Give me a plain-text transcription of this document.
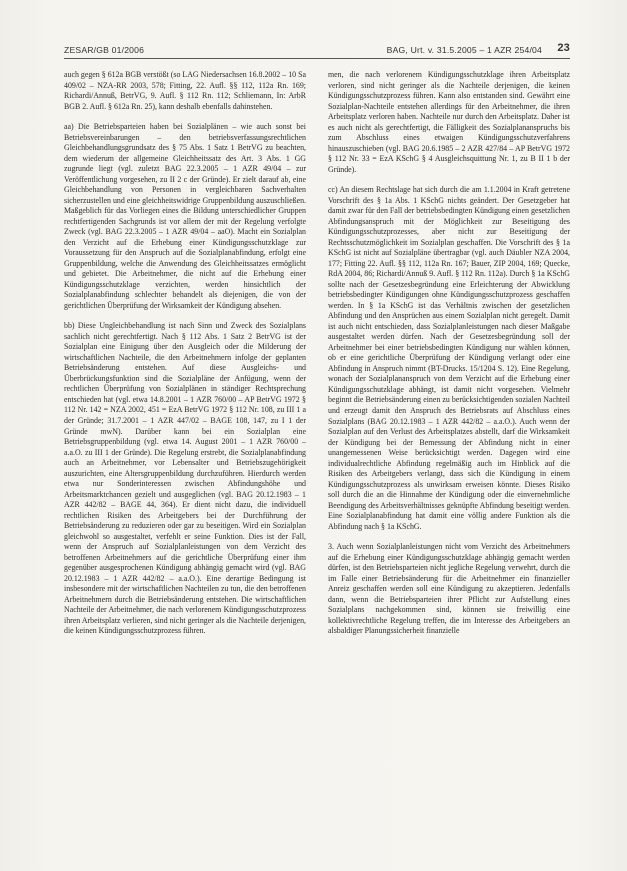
ZESAR/GB 01/2006	BAG, Urt. v. 31.5.2005 – 1 AZR 254/04 23

auch gegen § 612a BGB verstößt (so LAG Niedersachsen 16.8.2002 – 10 Sa 409/02 – NZA-RR 2003, 578; Fitting, 22. Aufl. §§ 112, 112a Rn. 169; Richardi/Annuß, BetrVG, 9. Aufl. § 112 Rn. 112; Schliemann, In: ArbR BGB 2. Aufl. § 612a Rn. 25), kann deshalb ebenfalls dahinstehen.

aa) Die Betriebsparteien haben bei Sozialplänen – wie auch sonst bei Betriebsvereinbarungen – den betriebsverfassungsrechtlichen Gleichbehandlungsgrundsatz des § 75 Abs. 1 Satz 1 BetrVG zu beachten, dem wiederum der allgemeine Gleichheitssatz des Art. 3 Abs. 1 GG zugrunde liegt (vgl. zuletzt BAG 22.3.2005 – 1 AZR 49/04 – zur Veröffentlichung vorgesehen, zu II 2 c der Gründe). Er zielt darauf ab, eine Gleichbehandlung von Personen in vergleichbaren Sachverhalten sicherzustellen und eine gleichheitswidrige Gruppenbildung auszuschließen. Maßgeblich für das Vorliegen eines die Bildung unterschiedlicher Gruppen rechtfertigenden Sachgrunds ist vor allem der mit der Regelung verfolgte Zweck (vgl. BAG 22.3.2005 – 1 AZR 49/04 – aaO). Macht ein Sozialplan den Verzicht auf die Erhebung einer Kündigungsschutzklage zur Voraussetzung für den Anspruch auf die Sozialplanabfindung, erfolgt eine Gruppenbildung, welche die Anwendung des Gleichheitssatzes ermöglicht und gebietet. Die Arbeitnehmer, die nicht auf die Erhebung einer Kündigungsschutzklage verzichten, werden hinsichtlich der Sozialplanabfindung schlechter behandelt als diejenigen, die von der gerichtlichen Überprüfung der Wirksamkeit der Kündigung absehen.

bb) Diese Ungleichbehandlung ist nach Sinn und Zweck des Sozialplans sachlich nicht gerechtfertigt. Nach § 112 Abs. 1 Satz 2 BetrVG ist der Sozialplan eine Einigung über den Ausgleich oder die Milderung der wirtschaftlichen Nachteile, die den Arbeitnehmern infolge der geplanten Betriebsänderung entstehen. Auf diese Ausgleichs- und Überbrückungsfunktion sind die Sozialpläne der Anfügung, wenn der rechtlichen Überprüfung von Sozialplänen in ständiger Rechtsprechung entschieden hat (vgl. etwa 14.8.2001 – 1 AZR 760/00 – AP BetrVG 1972 § 112 Nr. 142 = NZA 2002, 451 = EzA BetrVG 1972 § 112 Nr. 108, zu III 1 a der Gründe; 31.7.2001 – 1 AZR 447/02 – BAGE 108, 147, zu I 1 der Gründe mwN). Darüber kann bei ein Sozialplan eine Betriebsgruppenbildung (vgl. etwa 14. August 2001 – 1 AZR 760/00 – a.a.O. zu III 1 der Gründe). Die Regelung erstrebt, die Sozialplanabfindung auch an Arbeitnehmer, vor Lebensalter und Betriebszugehörigkeit auszurichten, eine Altersgruppenbildung durchzuführen. Hierdurch werden etwa nur Sonderinteressen zwischen Abfindungshöhe und Arbeitsmarktchancen gezielt und ausgeglichen (vgl. BAG 20.12.1983 – 1 AZR 442/82 – BAGE 44, 364). Er dient nicht dazu, die individuell rechtlichen Risiken des Arbeitgebers bei der Durchführung der Betriebsänderung zu reduzieren oder gar zu beseitigen. Wird ein Sozialplan gleichwohl so ausgestaltet, verfehlt er seine Funktion. Dies ist der Fall, wenn der Anspruch auf Sozialplanleistungen von dem Verzicht des betroffenen Arbeitnehmers auf die gerichtliche Überprüfung einer ihm gegenüber ausgesprochenen Kündigung abhängig gemacht wird (vgl. BAG 20.12.1983 – 1 AZR 442/82 – a.a.O.). Eine derartige Bedingung ist insbesondere mit der wirtschaftlichen Nachteilen zu tun, die den betroffenen Arbeitnehmern durch die Betriebsänderung entstehen. Die wirtschaftlichen Nachteile der Arbeitnehmer, die nach verlorenem Kündigungsschutzprozess ihren Arbeitsplatz verlieren, sind nicht geringer als die Nachteile derjenigen, die keinen Kündigungsschutzprozess führen.

men, die nach verlorenem Kündigungsschutzklage ihren Arbeitsplatz verloren, sind nicht geringer als die Nachteile derjenigen, die keinen Kündigungsschutzprozess führen. Kann also entstanden sind. Gewährt eine Sozialplan-Nachteile entstehen allerdings für den Arbeitnehmer, die ihren Arbeitsplatz verloren haben. Nachteile nur durch den Arbeitsplatz. Daher ist es auch nicht als gerechtfertigt, die Fälligkeit des Sozialplananspruchs bis zum Abschluss eines etwaigen Kündigungsschutzverfahrens hinauszuschieben (vgl. BAG 20.6.1985 – 2 AZR 427/84 – AP BetrVG 1972 § 112 Nr. 33 = EzA KSchG § 4 Ausgleichsquittung Nr. 1, zu B II 1 b der Gründe).

cc) An diesem Rechtslage hat sich durch die am 1.1.2004 in Kraft getretene Vorschrift des § 1a Abs. 1 KSchG nichts geändert. Der Gesetzgeber hat damit zwar für den Fall der betriebsbedingten Kündigung einen gesetzlichen Abfindungsanspruch mit der Möglichkeit zur Beseitigung des Kündigungsschutzprozesses, aber nicht zur Beseitigung der Rechtsschutzmöglichkeit im Sozialplan geschaffen. Die Vorschrift des § 1a KSchG ist nicht auf Sozialpläne übertragbar (vgl. auch Däubler NZA 2004, 177; Fitting 22. Aufl. §§ 112, 112a Rn. 167; Bauer, ZIP 2004, 169; Quecke, RdA 2004, 86; Richardi/Annuß 9. Aufl. § 112 Rn. 112a). Durch § 1a KSchG sollte nach der Gesetzesbegründung eine Erleichterung der Abwicklung betriebsbedingter Kündigungen ohne Kündigungsschutzprozess geschaffen werden. In § 1a KSchG ist das Verhältnis zwischen der gesetzlichen Abfindung und den Ansprüchen aus einem Sozialplan nicht geregelt. Damit ist auch nicht entschieden, dass Sozialplanleistungen nach dieser Maßgabe ausgestaltet werden dürfen. Nach der Gesetzesbegründung soll der Arbeitnehmer bei einer betriebsbedingten Kündigung nur wählen können, ob er eine gerichtliche Überprüfung der Kündigung verlangt oder eine Abfindung in Anspruch nimmt (BT-Drucks. 15/1204 S. 12). Eine Regelung, wonach der Sozialplananspruch von dem Verzicht auf die Erhebung einer Kündigungsschutzklage abhängt, ist damit nicht vorgesehen. Vielmehr beginnt die Betriebsänderung einen zu berücksichtigenden sozialen Nachteil und erzeugt damit den Anspruch des Betriebsrats auf Abschluss eines Sozialplans (BAG 20.12.1983 – 1 AZR 442/82 – a.a.O.). Auch wenn der Sozialplan auf den Verlust des Arbeitsplatzes abstellt, darf die Wirksamkeit der Kündigung bei der Bemessung der Abfindung nicht in einer unangemessenen Weise berücksichtigt werden. Dagegen wird eine individualrechtliche Abfindung regelmäßig auch im Hinblick auf die Risiken des Arbeitgebers verlangt, dass sich die Kündigung in einem Kündigungsschutzprozess als unwirksam erweisen könnte. Dieses Risiko soll durch die an die Hinnahme der Kündigung oder die einvernehmliche Beendigung des Arbeitsverhältnisses geknüpfte Abfindung beseitigt werden. Eine Sozialplanabfindung hat damit eine völlig andere Funktion als die Abfindung nach § 1a KSchG.

3. Auch wenn Sozialplanleistungen nicht vom Verzicht des Arbeitnehmers auf die Erhebung einer Kündigungsschutzklage abhängig gemacht werden dürfen, ist den Betriebsparteien nicht jegliche Regelung verwehrt, durch die im Falle einer Betriebsänderung für die Arbeitnehmer ein finanzieller Anreiz geschaffen werden soll eine Kündigung zu akzeptieren. Jedenfalls dann, wenn die Betriebsparteien ihrer Pflicht zur Aufstellung eines Sozialplans nachgekommen sind, können sie freiwillig eine kollektivrechtliche Regelung treffen, die im Interesse des Arbeitgebers an alsbaldiger Planungssicherheit finanzielle
